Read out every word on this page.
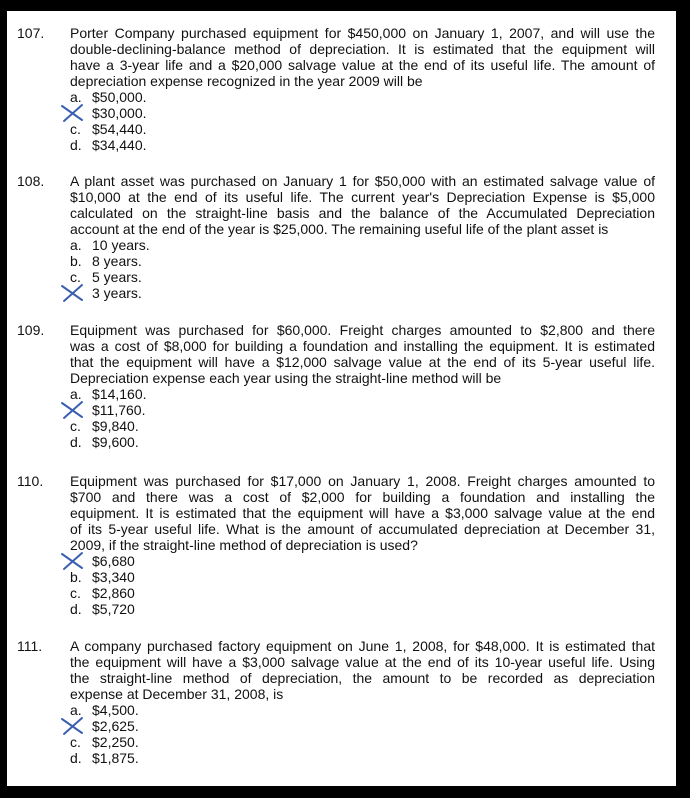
107. Porter Company purchased equipment for $450,000 on January 1, 2007, and will use the
double-declining-balance method of depreciation. It is estimated that the equipment will
have a 3-year life and a $20,000 salvage value at the end of its useful life. The amount of
depreciation expense recognized in the year 2009 will be
a. $50,000.
$30,000.
c. $54,440.
d. $34,440.
108. A plant asset was purchased on January 1 for $50,000 with an estimated salvage value of
$10,000 at the end of its useful life. The current year's Depreciation Expense is $5,000
calculated on the straight-line basis and the balance of the Accumulated Depreciation
account at the end of the year is $25,000. The remaining useful life of the plant asset is
a. 10 years.
b. 8 years.
c. 5 years.
3 years.
109. Equipment was purchased for $60,000. Freight charges amounted to $2,800 and there
was a cost of $8,000 for building a foundation and installing the equipment. It is estimated
that the equipment will have a $12,000 salvage value at the end of its 5-year useful life.
Depreciation expense each year using the straight-line method will be
a. $14,160.
$11,760.
c. $9,840.
d. $9,600.
110. Equipment was purchased for $17,000 on January 1, 2008. Freight charges amounted to
$700 and there was a cost of $2,000 for building a foundation and installing the
equipment. It is estimated that the equipment will have a $3,000 salvage value at the end
of its 5-year useful life. What is the amount of accumulated depreciation at December 31,
2009, if the straight-line method of depreciation is used?
$6,680
b. $3,340
c. $2,860
d. $5,720
111. A company purchased factory equipment on June 1, 2008, for $48,000. It is estimated that
the equipment will have a $3,000 salvage value at the end of its 10-year useful life. Using
the straight-line method of depreciation, the amount to be recorded as depreciation
expense at December 31, 2008, is
a. $4,500.
$2,625.
c. $2,250.
d. $1,875.
